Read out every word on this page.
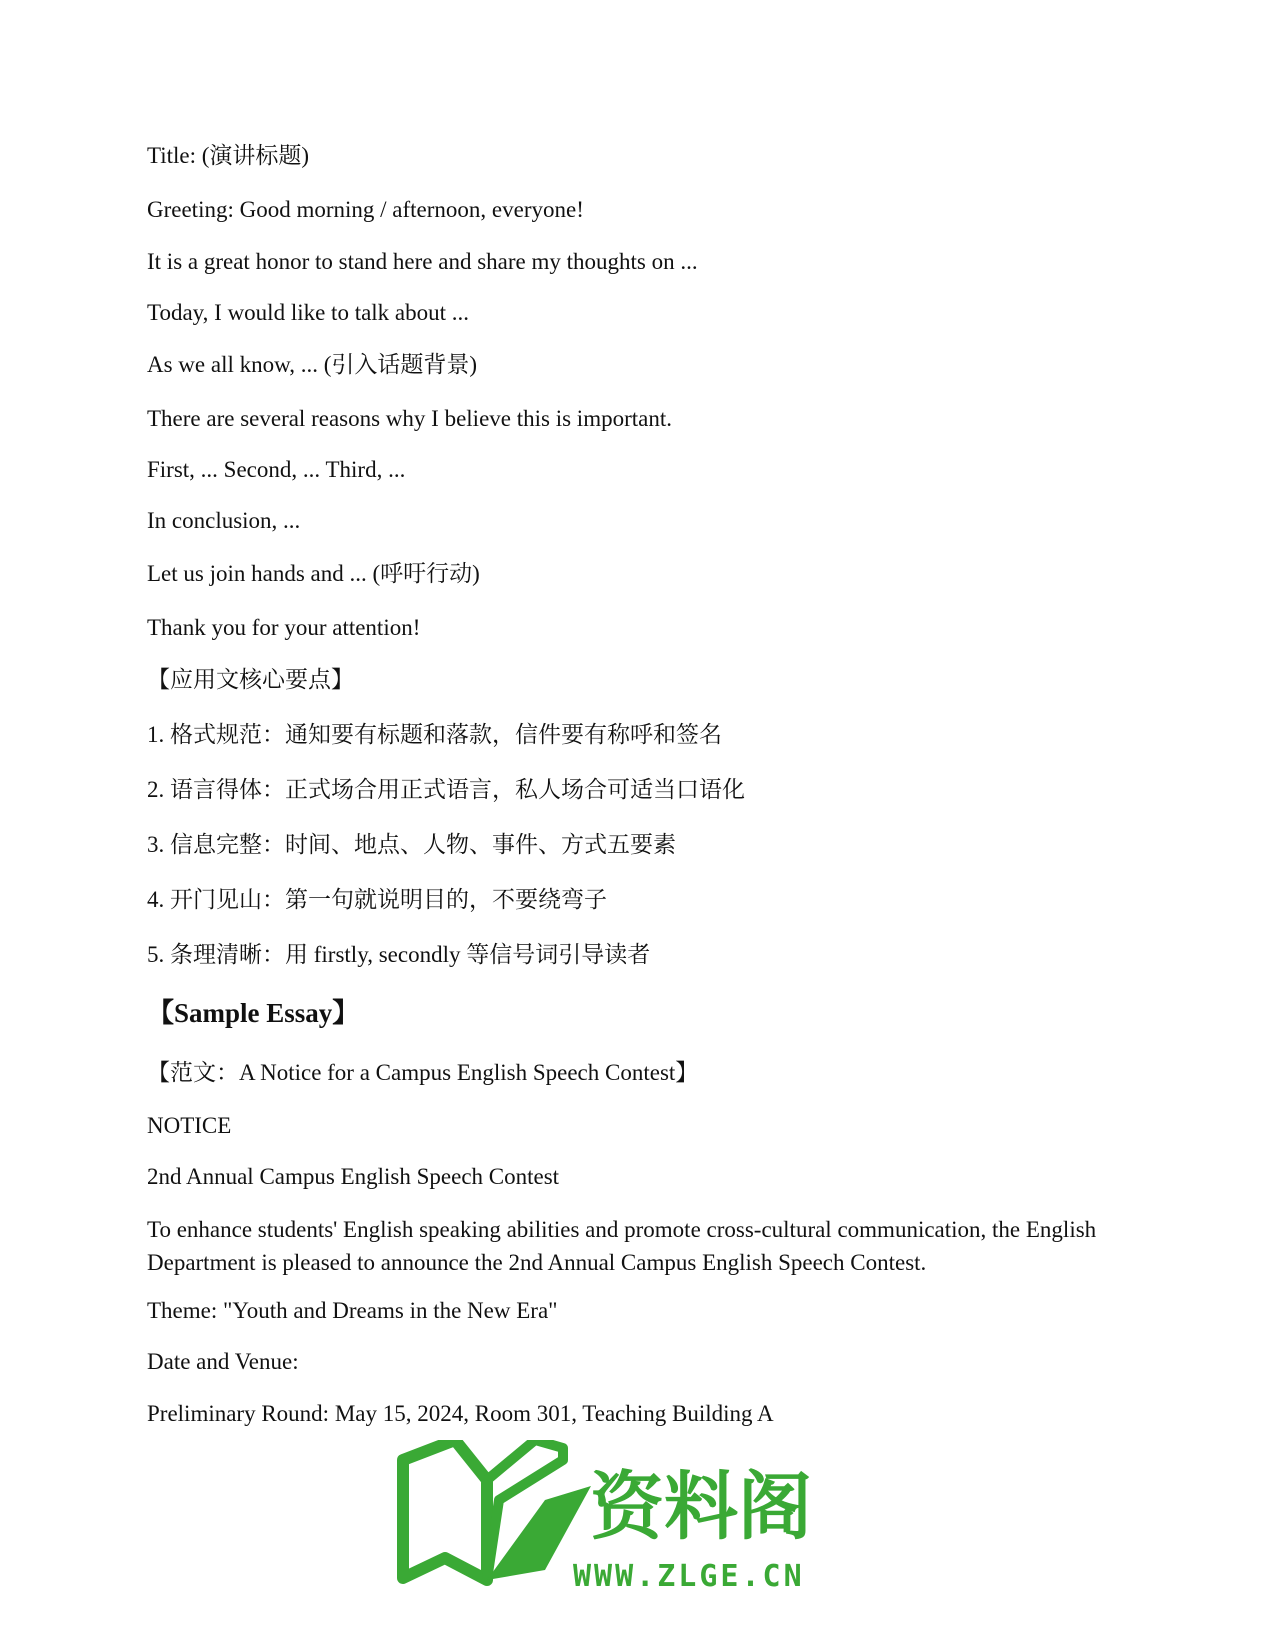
Title: (演讲标题)
Greeting: Good morning / afternoon, everyone!
It is a great honor to stand here and share my thoughts on ...
Today, I would like to talk about ...
As we all know, ... (引入话题背景)
There are several reasons why I believe this is important.
First, ... Second, ... Third, ...
In conclusion, ...
Let us join hands and ... (呼吁行动)
Thank you for your attention!
【应用文核心要点】
1. 格式规范：通知要有标题和落款，信件要有称呼和签名
2. 语言得体：正式场合用正式语言，私人场合可适当口语化
3. 信息完整：时间、地点、人物、事件、方式五要素
4. 开门见山：第一句就说明目的，不要绕弯子
5. 条理清晰：用 firstly, secondly 等信号词引导读者
【Sample Essay】
【范文：A Notice for a Campus English Speech Contest】
NOTICE
2nd Annual Campus English Speech Contest
To enhance students' English speaking abilities and promote cross-cultural communication, the English Department is pleased to announce the 2nd Annual Campus English Speech Contest.
Theme: "Youth and Dreams in the New Era"
Date and Venue:
Preliminary Round: May 15, 2024, Room 301, Teaching Building A
资料阁
WWW.ZLGE.CN
